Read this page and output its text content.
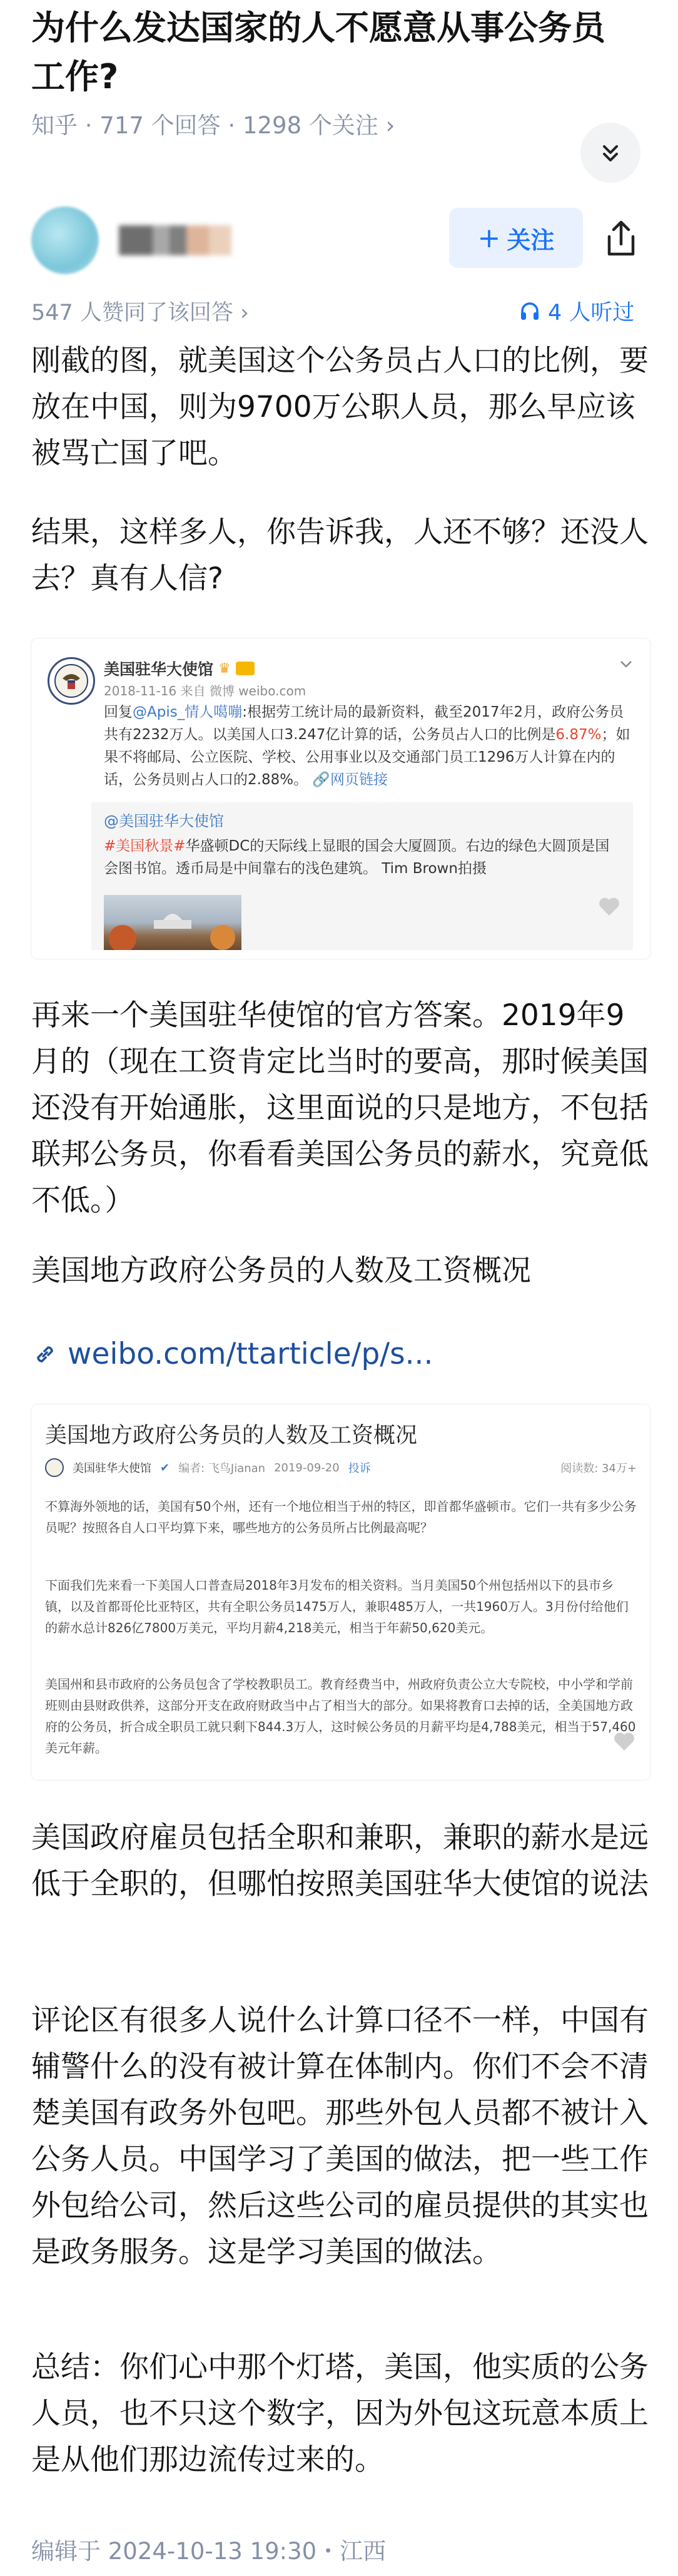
为什么发达国家的人不愿意从事公务员工作?
知乎 · 717 个回答 · 1298 个关注 ›
+ 关注
547 人赞同了该回答 ›	4 人听过
刚截的图，就美国这个公务员占人口的比例，要放在中国，则为9700万公职人员，那么早应该被骂亡国了吧。
结果，这样多人，你告诉我，人还不够？还没人去？真有人信?
美国驻华大使馆 ♛
2018-11-16 来自 微博 weibo.com
回复@Apis_情人噶嘣:根据劳工统计局的最新资料，截至2017年2月，政府公务员共有2232万人。以美国人口3.247亿计算的话，公务员占人口的比例是6.87%；如果不将邮局、公立医院、学校、公用事业以及交通部门员工1296万人计算在内的话，公务员则占人口的2.88%。 🔗网页链接
@美国驻华大使馆
#美国秋景#华盛顿DC的天际线上显眼的国会大厦圆顶。右边的绿色大圆顶是国会图书馆。透币局是中间靠右的浅色建筑。 Tim Brown拍摄
再来一个美国驻华使馆的官方答案。2019年9月的（现在工资肯定比当时的要高，那时候美国还没有开始通胀，这里面说的只是地方，不包括联邦公务员，你看看美国公务员的薪水，究竟低不低。）
美国地方政府公务员的人数及工资概况
weibo.com/ttarticle/p/s...
美国地方政府公务员的人数及工资概况
美国驻华大使馆 ✔ 编者: 飞鸟Jianan 2019-09-20 投诉	阅读数: 34万+
不算海外领地的话，美国有50个州，还有一个地位相当于州的特区，即首都华盛顿市。它们一共有多少公务员呢？按照各自人口平均算下来，哪些地方的公务员所占比例最高呢？
下面我们先来看一下美国人口普查局2018年3月发布的相关资料。当月美国50个州包括州以下的县市乡镇，以及首都哥伦比亚特区，共有全职公务员1475万人，兼职485万人，一共1960万人。3月份付给他们的薪水总计826亿7800万美元，平均月薪4,218美元，相当于年薪50,620美元。
美国州和县市政府的公务员包含了学校教职员工。教育经费当中，州政府负责公立大专院校，中小学和学前班则由县财政供养，这部分开支在政府财政当中占了相当大的部分。如果将教育口去掉的话，全美国地方政府的公务员，折合成全职员工就只剩下844.3万人，这时候公务员的月薪平均是4,788美元，相当于57,460美元年薪。
美国政府雇员包括全职和兼职，兼职的薪水是远低于全职的，但哪怕按照美国驻华大使馆的说法
评论区有很多人说什么计算口径不一样，中国有辅警什么的没有被计算在体制内。你们不会不清楚美国有政务外包吧。那些外包人员都不被计入公务人员。中国学习了美国的做法，把一些工作外包给公司，然后这些公司的雇员提供的其实也是政务服务。这是学习美国的做法。
总结：你们心中那个灯塔，美国，他实质的公务人员，也不只这个数字，因为外包这玩意本质上是从他们那边流传过来的。
编辑于 2024-10-13 19:30・江西
